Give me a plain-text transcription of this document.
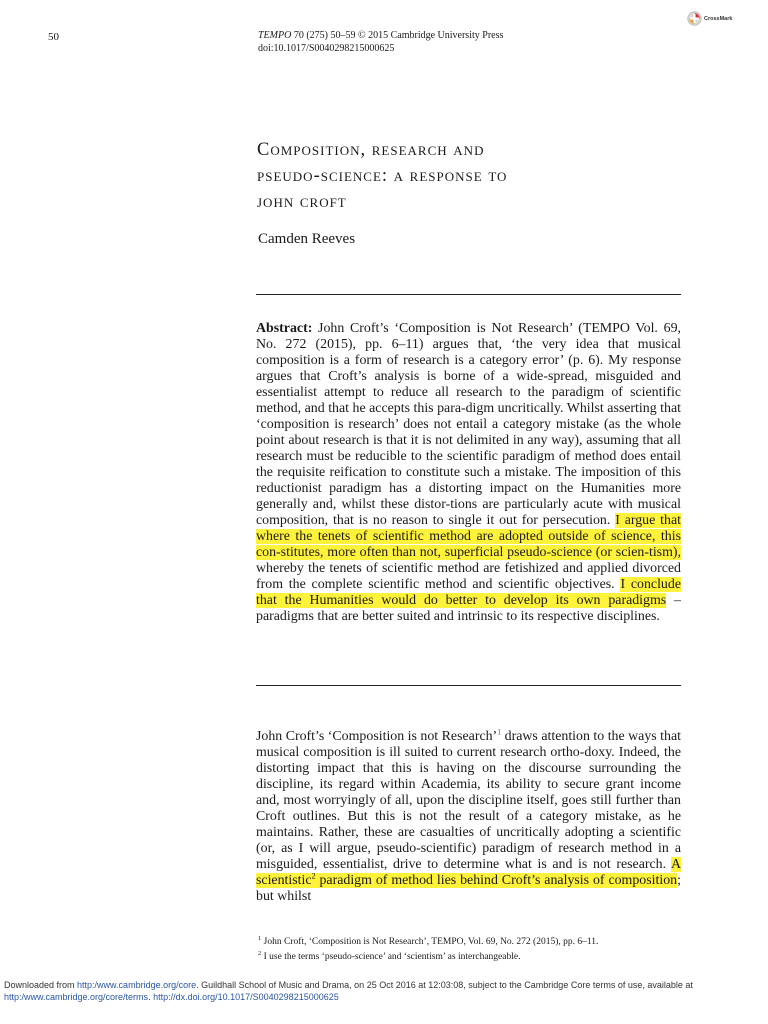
50	TEMPO 70 (275) 50–59 © 2015 Cambridge University Press
doi:10.1017/S0040298215000625
CrossMark
Composition, research and
pseudo-science: a response to
john croft
Camden Reeves
Abstract: John Croft’s ‘Composition is Not Research’ (TEMPO Vol. 69, No. 272 (2015), pp. 6–11) argues that, ‘the very idea that musical composition is a form of research is a category error’ (p. 6). My response argues that Croft’s analysis is borne of a wide-spread, misguided and essentialist attempt to reduce all research to the paradigm of scientific method, and that he accepts this para-digm uncritically. Whilst asserting that ‘composition is research’ does not entail a category mistake (as the whole point about research is that it is not delimited in any way), assuming that all research must be reducible to the scientific paradigm of method does entail the requisite reification to constitute such a mistake. The imposition of this reductionist paradigm has a distorting impact on the Humanities more generally and, whilst these distor-tions are particularly acute with musical composition, that is no reason to single it out for persecution. I argue that where the tenets of scientific method are adopted outside of science, this con-stitutes, more often than not, superficial pseudo-science (or scien-tism), whereby the tenets of scientific method are fetishized and applied divorced from the complete scientific method and scientific objectives. I conclude that the Humanities would do better to develop its own paradigms – paradigms that are better suited and intrinsic to its respective disciplines.
John Croft’s ‘Composition is not Research’$^1$ draws attention to the ways that musical composition is ill suited to current research ortho-doxy. Indeed, the distorting impact that this is having on the discourse surrounding the discipline, its regard within Academia, its ability to secure grant income and, most worryingly of all, upon the discipline itself, goes still further than Croft outlines. But this is not the result of a category mistake, as he maintains. Rather, these are casualties of uncritically adopting a scientific (or, as I will argue, pseudo-scientific) paradigm of research method in a misguided, essentialist, drive to determine what is and is not research. A scientistic$^2$ paradigm of method lies behind Croft’s analysis of composition; but whilst

$^1$ John Croft, ‘Composition is Not Research’, TEMPO, Vol. 69, No. 272 (2015), pp. 6–11.

$^2$ I use the terms ‘pseudo-science’ and ‘scientism’ as interchangeable.

Downloaded from http:/www.cambridge.org/core. Guildhall School of Music and Drama, on 25 Oct 2016 at 12:03:08, subject to the Cambridge Core terms of use, available at http:/www.cambridge.org/core/terms. http://dx.doi.org/10.1017/S0040298215000625
